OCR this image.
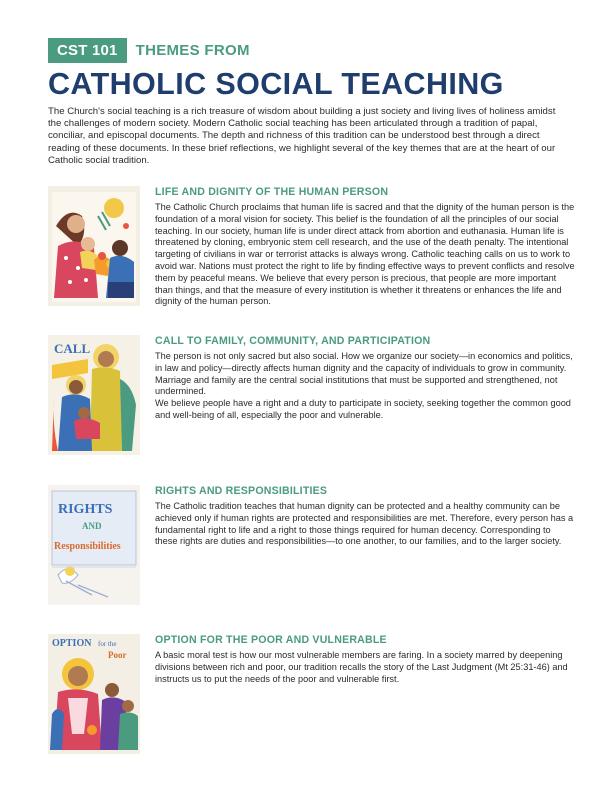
CST 101	THEMES FROM
CATHOLIC SOCIAL TEACHING

The Church's social teaching is a rich treasure of wisdom about building a just society and living lives of holiness amidst the challenges of modern society. Modern Catholic social teaching has been articulated through a tradition of papal, conciliar, and episcopal documents. The depth and richness of this tradition can be understood best through a direct reading of these documents. In these brief reflections, we highlight several of the key themes that are at the heart of our Catholic social tradition.

LIFE AND DIGNITY OF THE HUMAN PERSON

The Catholic Church proclaims that human life is sacred and that the dignity of the human person is the foundation of a moral vision for society. This belief is the foundation of all the principles of our social teaching. In our society, human life is under direct attack from abortion and euthanasia. Human life is threatened by cloning, embryonic stem cell research, and the use of the death penalty. The intentional targeting of civilians in war or terrorist attacks is always wrong. Catholic teaching calls on us to work to avoid war. Nations must protect the right to life by finding effective ways to prevent conflicts and resolve them by peaceful means. We believe that every person is precious, that people are more important than things, and that the measure of every institution is whether it threatens or enhances the life and dignity of the human person.

CALL	CALL TO FAMILY, COMMUNITY, AND PARTICIPATION

The person is not only sacred but also social. How we organize our society—in economics and politics, in law and policy—directly affects human dignity and the capacity of individuals to grow in community. Marriage and family are the central social institutions that must be supported and strengthened, not undermined.

We believe people have a right and a duty to participate in society, seeking together the common good and well-being of all, especially the poor and vulnerable.

RIGHTS
AND
Responsibilities
RIGHTS AND RESPONSIBILITIES

The Catholic tradition teaches that human dignity can be protected and a healthy community can be achieved only if human rights are protected and responsibilities are met. Therefore, every person has a fundamental right to life and a right to those things required for human decency. Corresponding to these rights are duties and responsibilities—to one another, to our families, and to the larger society.

OPTION for the
Poor
OPTION FOR THE POOR AND VULNERABLE

A basic moral test is how our most vulnerable members are faring. In a society marred by deepening divisions between rich and poor, our tradition recalls the story of the Last Judgment (Mt 25:31-46) and instructs us to put the needs of the poor and vulnerable first.
